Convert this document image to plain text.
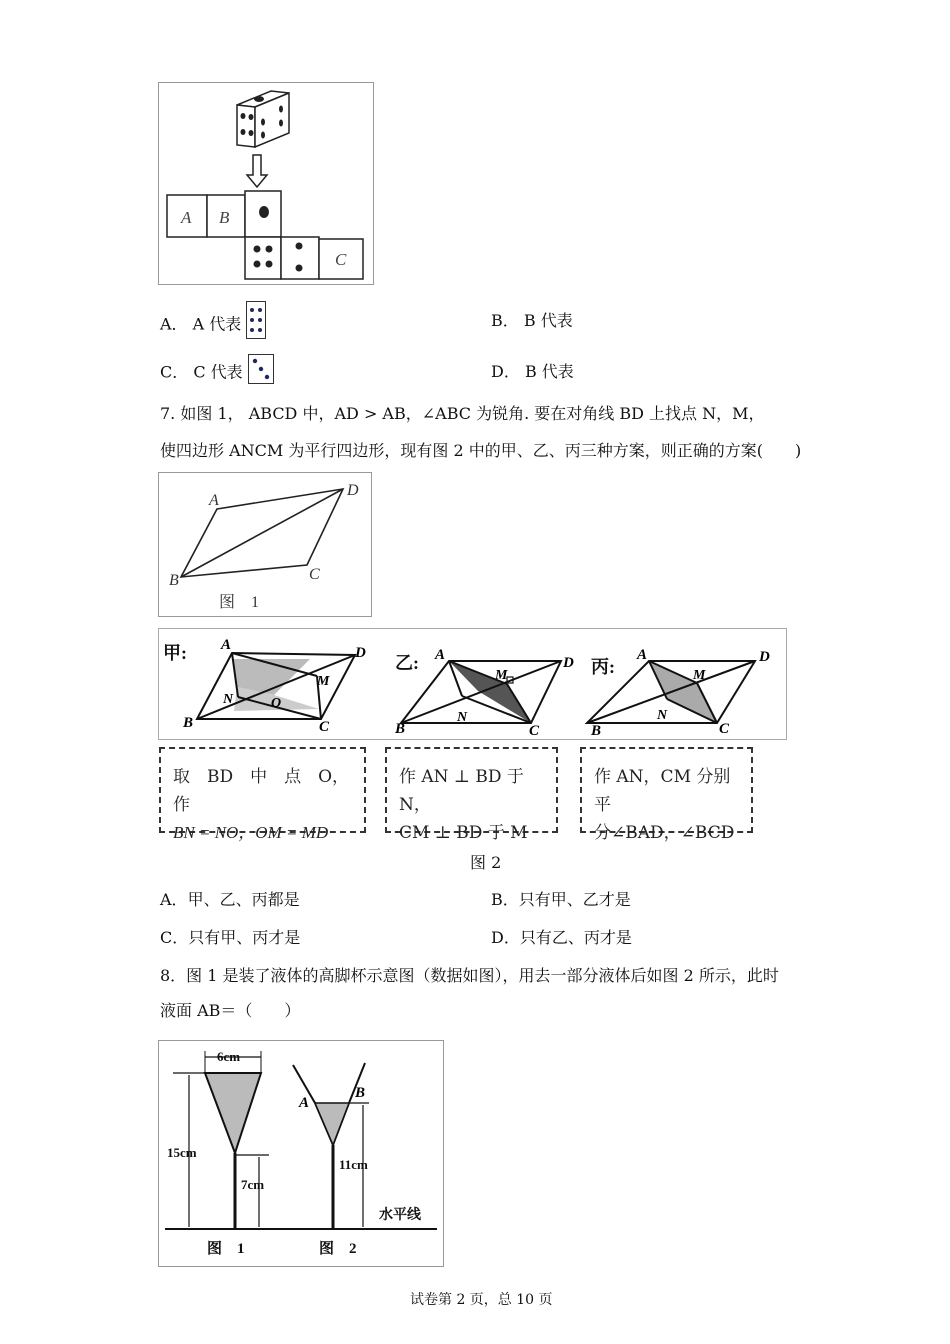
A B
C
A． A 代表	B． B 代表
C． C 代表	D． B 代表
7. 如图 1， ABCD 中，AD > AB，∠ABC 为锐角. 要在对角线 BD 上找点 N，M，
使四边形 ANCM 为平行四边形，现有图 2 中的甲、乙、丙三种方案，则正确的方案(　　)
A
D
B	C
图　1
甲: A	D
B	C
N
M
O
乙: A	D
B	C
N
M	丙:
A	D
B	C
N
M
取　BD　中　点　O，　作
BN = NO，OM = MD
作 AN ⊥ BD 于 N，
CM ⊥ BD 于 M
作 AN，CM 分别平
分∠BAD，∠BCD
图 2
A．甲、乙、丙都是	B．只有甲、乙才是
C．只有甲、丙才是	D．只有乙、丙才是
8．图 1 是装了液体的高脚杯示意图（数据如图），用去一部分液体后如图 2 所示，此时
液面 AB＝（　　）
6cm
15cm
7cm
11cm
A
B
水平线
图　1	图　2
试卷第 2 页，总 10 页
